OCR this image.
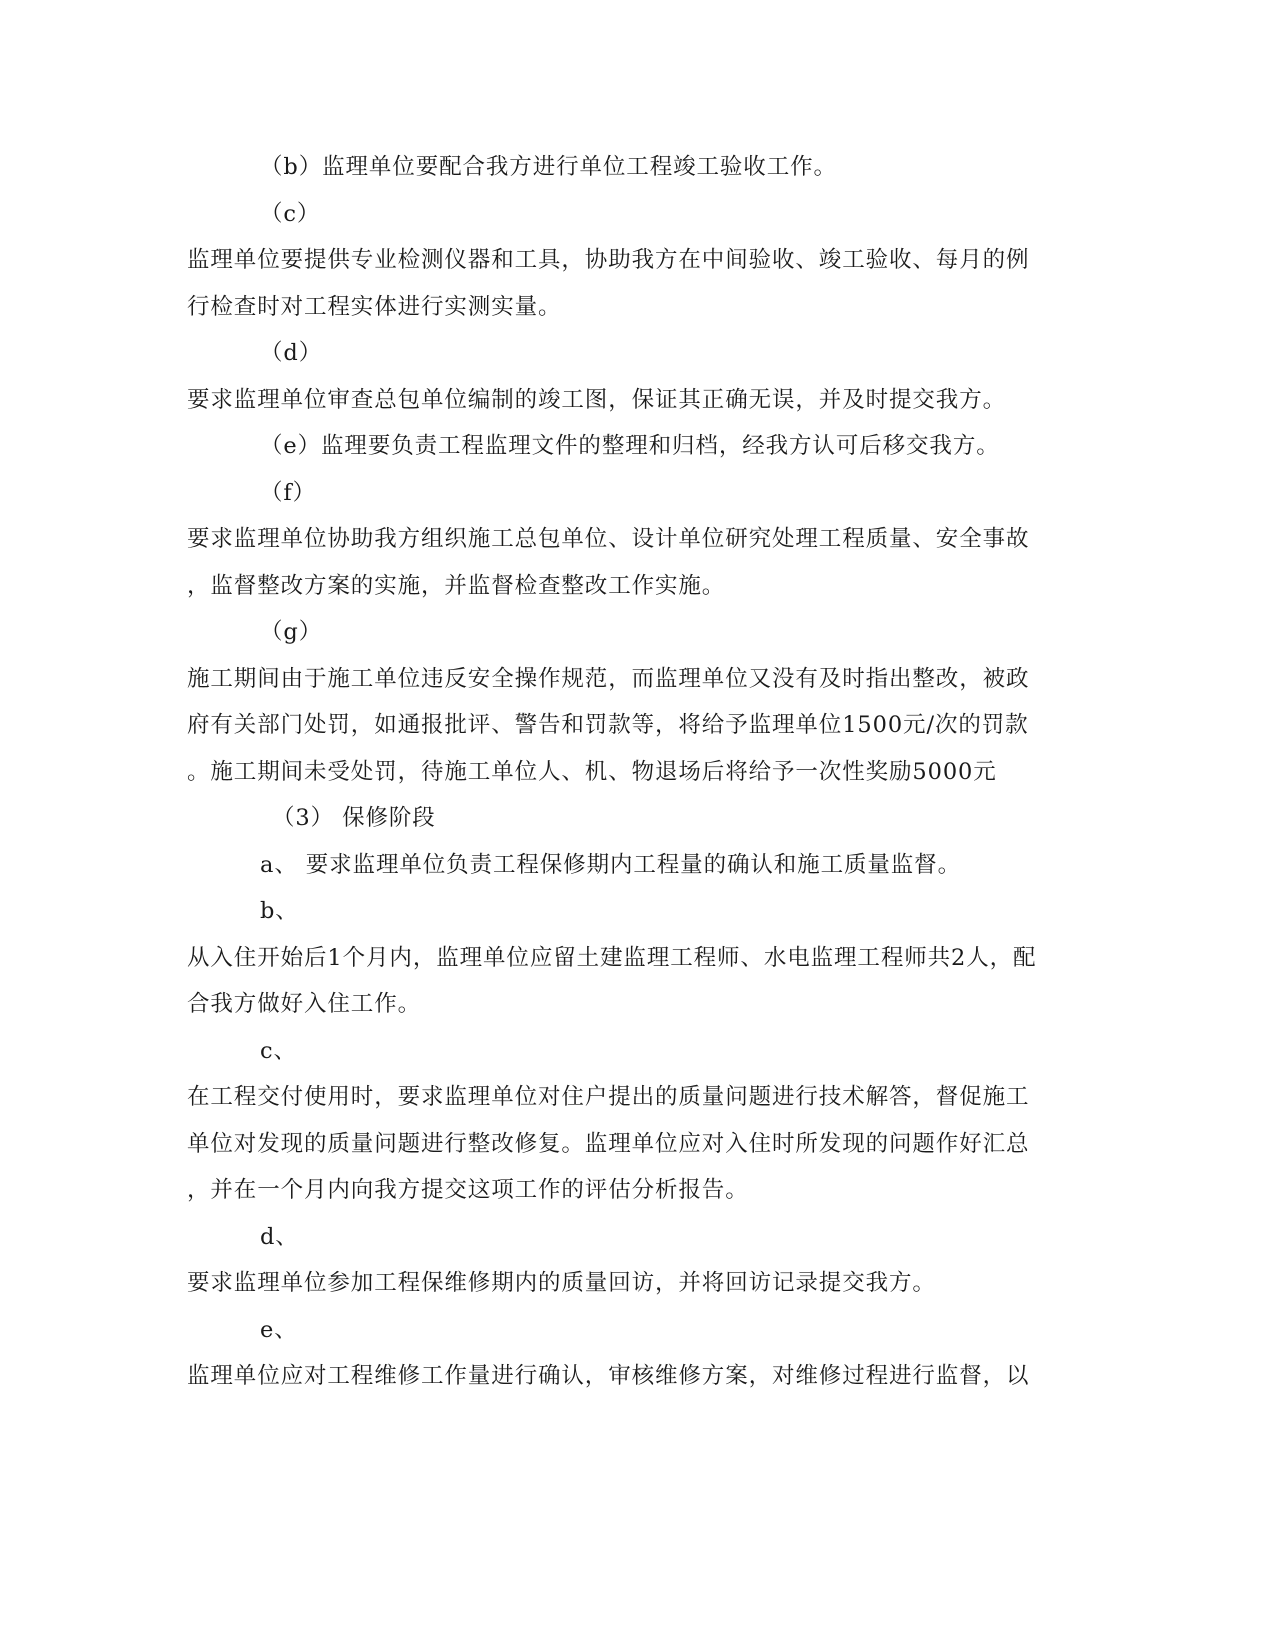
（b）监理单位要配合我方进行单位工程竣工验收工作。
（c）
监理单位要提供专业检测仪器和工具，协助我方在中间验收、竣工验收、每月的例
行检查时对工程实体进行实测实量。
（d）
要求监理单位审查总包单位编制的竣工图，保证其正确无误，并及时提交我方。
（e）监理要负责工程监理文件的整理和归档，经我方认可后移交我方。
（f）
要求监理单位协助我方组织施工总包单位、设计单位研究处理工程质量、安全事故
，监督整改方案的实施，并监督检查整改工作实施。
（g）
施工期间由于施工单位违反安全操作规范，而监理单位又没有及时指出整改，被政
府有关部门处罚，如通报批评、警告和罚款等，将给予监理单位1500元/次的罚款
。施工期间未受处罚，待施工单位人、机、物退场后将给予一次性奖励5000元
（3） 保修阶段
a、 要求监理单位负责工程保修期内工程量的确认和施工质量监督。
b、
从入住开始后1个月内，监理单位应留土建监理工程师、水电监理工程师共2人，配
合我方做好入住工作。
c、
在工程交付使用时，要求监理单位对住户提出的质量问题进行技术解答，督促施工
单位对发现的质量问题进行整改修复。监理单位应对入住时所发现的问题作好汇总
，并在一个月内向我方提交这项工作的评估分析报告。
d、
要求监理单位参加工程保维修期内的质量回访，并将回访记录提交我方。
e、
监理单位应对工程维修工作量进行确认，审核维修方案，对维修过程进行监督，以
